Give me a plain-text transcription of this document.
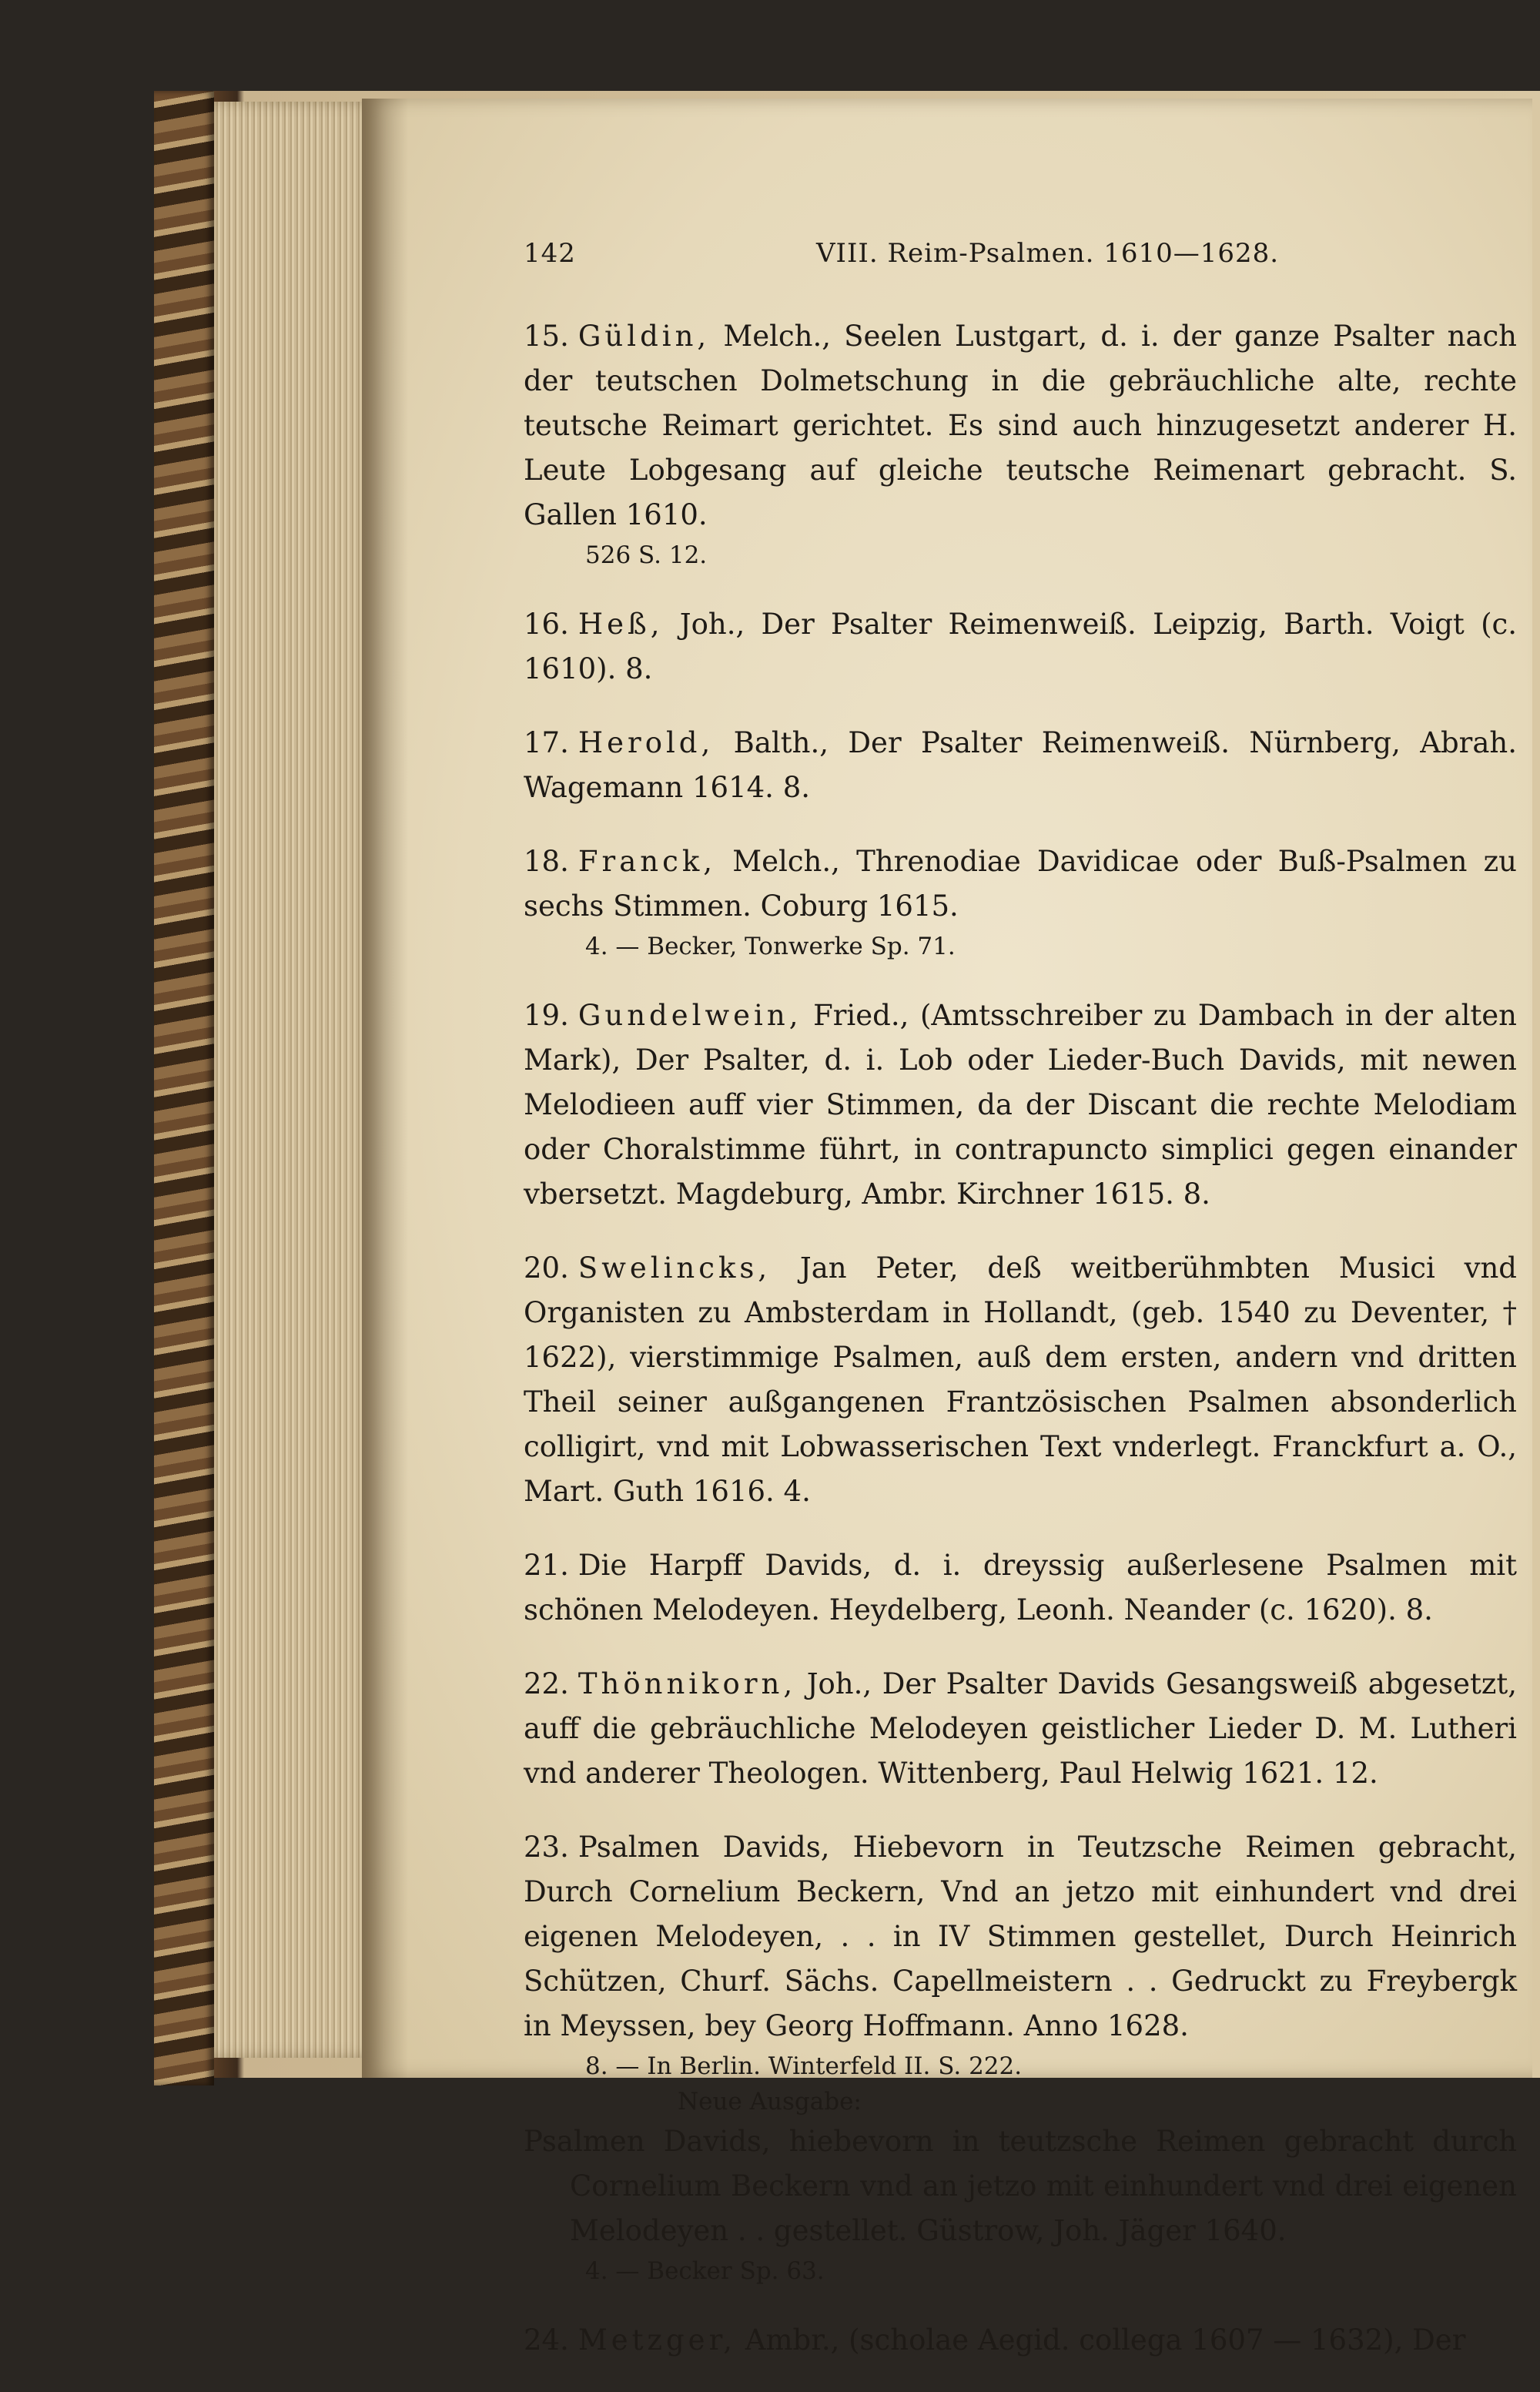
142	VIII. Reim-Psalmen. 1610—1628.

15. Güldin, Melch., Seelen Lustgart, d. i. der ganze Psalter nach der teutschen Dolmetschung in die gebräuchliche alte, rechte teutsche Reimart gerichtet. Es sind auch hinzugesetzt anderer H. Leute Lobgesang auf gleiche teutsche Reimenart gebracht. S. Gallen 1610.

526 S. 12.

16. Heß, Joh., Der Psalter Reimenweiß. Leipzig, Barth. Voigt (c. 1610). 8.

17. Herold, Balth., Der Psalter Reimenweiß. Nürnberg, Abrah. Wagemann 1614. 8.

18. Franck, Melch., Threnodiae Davidicae oder Buß-Psalmen zu sechs Stimmen. Coburg 1615.

4. — Becker, Tonwerke Sp. 71.

19. Gundelwein, Fried., (Amtsschreiber zu Dambach in der alten Mark), Der Psalter, d. i. Lob oder Lieder-Buch Davids, mit newen Melodieen auff vier Stimmen, da der Discant die rechte Melodiam oder Choralstimme führt, in contrapuncto simplici gegen einander vbersetzt. Magdeburg, Ambr. Kirchner 1615. 8.

20. Swelincks, Jan Peter, deß weitberühmbten Musici vnd Organisten zu Ambsterdam in Hollandt, (geb. 1540 zu Deventer, † 1622), vierstimmige Psalmen, auß dem ersten, andern vnd dritten Theil seiner außgangenen Frantzösischen Psalmen absonderlich colligirt, vnd mit Lobwasserischen Text vnderlegt. Franckfurt a. O., Mart. Guth 1616. 4.

21. Die Harpff Davids, d. i. dreyssig außerlesene Psalmen mit schönen Melodeyen. Heydelberg, Leonh. Neander (c. 1620). 8.

22. Thönnikorn, Joh., Der Psalter Davids Gesangsweiß abgesetzt, auff die gebräuchliche Melodeyen geistlicher Lieder D. M. Lutheri vnd anderer Theologen. Wittenberg, Paul Helwig 1621. 12.

23. Psalmen Davids, Hiebevorn in Teutzsche Reimen gebracht, Durch Cornelium Beckern, Vnd an jetzo mit einhundert vnd drei eigenen Melodeyen, . . in IV Stimmen gestellet, Durch Heinrich Schützen, Churf. Sächs. Capellmeistern . . Gedruckt zu Freybergk in Meyssen, bey Georg Hoffmann. Anno 1628.

8. — In Berlin. Winterfeld II. S. 222.

Neue Ausgabe:

Psalmen Davids, hiebevorn in teutzsche Reimen gebracht durch Cornelium Beckern vnd an jetzo mit einhundert vnd drei eigenen Melodeyen . . gestellet. Güstrow, Joh. Jäger 1640.

4. — Becker Sp. 63.

24. Metzger, Ambr., (scholae Aegid. collega 1607 — 1632), Der
